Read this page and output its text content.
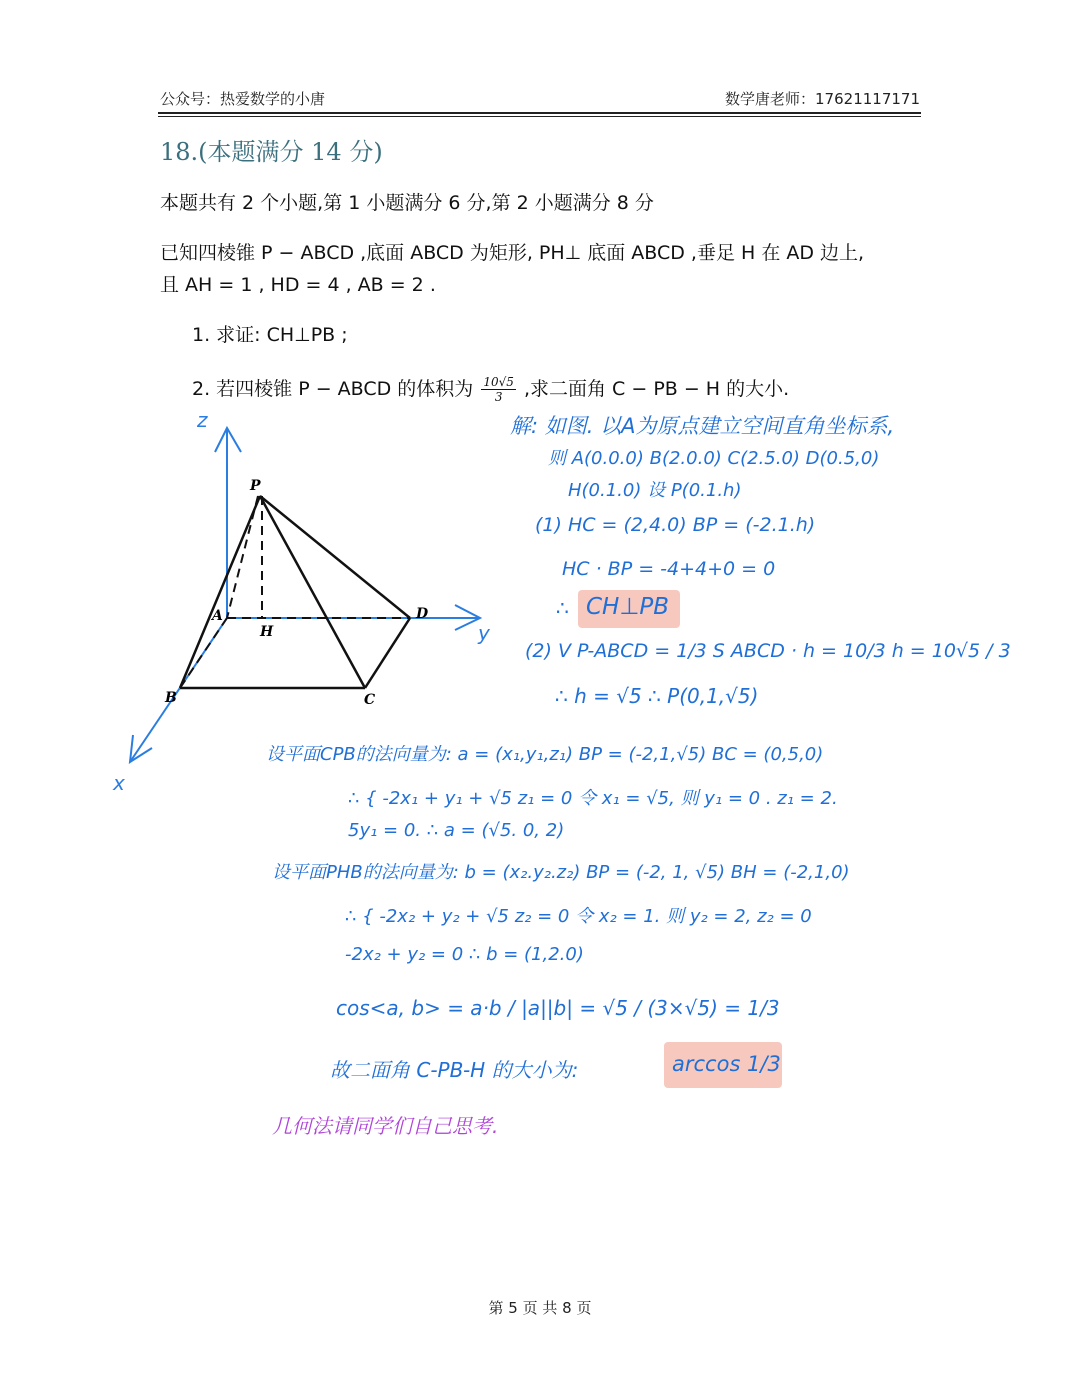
公众号：热爱数学的小唐	数学唐老师：17621117171
18.(本题满分 14 分)
本题共有 2 个小题,第 1 小题满分 6 分,第 2 小题满分 8 分
已知四棱锥 P − ABCD ,底面 ABCD 为矩形, PH⊥ 底面 ABCD ,垂足 H 在 AD 边上,
且 AH = 1 , HD = 4 , AB = 2 .
1. 求证: CH⊥PB ;
2. 若四棱锥 P − ABCD 的体积为 $\frac{10√5}{3}$ ,求二面角 C − PB − H 的大小.
P
A
H
D
B	C
z
y
x
解: 如图. 以A为原点建立空间直角坐标系,
则 A(0.0.0) B(2.0.0) C(2.5.0) D(0.5,0)
H(0.1.0) 设 P(0.1.h)
(1) HC = (2,4.0) BP = (-2.1.h)
HC · BP = -4+4+0 = 0
∴ CH⊥PB
(2) V P-ABCD = 1/3 S ABCD · h = 10/3 h = 10√5 / 3
∴ h = √5 ∴ P(0,1,√5)
设平面CPB的法向量为: a = (x₁,y₁,z₁) BP = (-2,1,√5) BC = (0,5,0)
∴ { -2x₁ + y₁ + √5 z₁ = 0 令 x₁ = √5, 则 y₁ = 0 . z₁ = 2.
5y₁ = 0. ∴ a = (√5. 0, 2)
设平面PHB的法向量为: b = (x₂.y₂.z₂) BP = (-2, 1, √5) BH = (-2,1,0)
∴ { -2x₂ + y₂ + √5 z₂ = 0 令 x₂ = 1. 则 y₂ = 2, z₂ = 0
-2x₂ + y₂ = 0 ∴ b = (1,2.0)
cos<a, b> = a·b / |a||b| = √5 / (3×√5) = 1/3
故二面角 C-PB-H 的大小为:	arccos 1/3
几何法请同学们自己思考.
第 5 页 共 8 页
